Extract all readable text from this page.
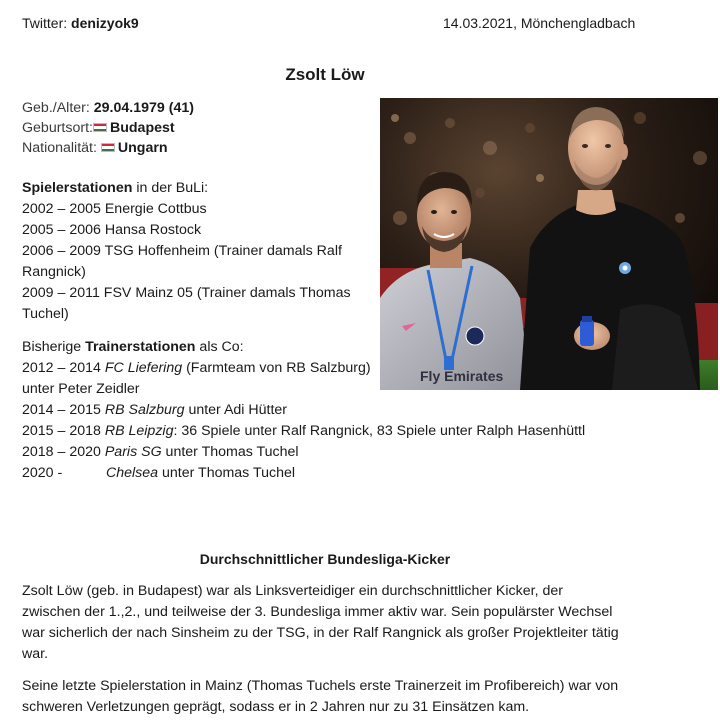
Twitter: denizyok9	14.03.2021, Mönchengladbach
Zsolt Löw
Geb./Alter: 29.04.1979 (41)
Geburtsort: Budapest
Nationalität: Ungarn
Spielerstationen in der BuLi:
2002 – 2005 Energie Cottbus
2005 – 2006 Hansa Rostock
2006 – 2009 TSG Hoffenheim (Trainer damals Ralf Rangnick)
2009 – 2011 FSV Mainz 05 (Trainer damals Thomas Tuchel)
Bisherige Trainerstationen als Co:
2012 – 2014 FC Liefering (Farmteam von RB Salzburg) unter Peter Zeidler
2014 – 2015 RB Salzburg unter Adi Hütter
2015 – 2018 RB Leipzig: 36 Spiele unter Ralf Rangnick, 83 Spiele unter Ralph Hasenhüttl
2018 – 2020 Paris SG unter Thomas Tuchel
2020 -	Chelsea unter Thomas Tuchel
Fly Emirates
Durchschnittlicher Bundesliga-Kicker
Zsolt Löw (geb. in Budapest) war als Linksverteidiger ein durchschnittlicher Kicker, der zwischen der 1.,2., und teilweise der 3. Bundesliga immer aktiv war. Sein populärster Wechsel war sicherlich der nach Sinsheim zu der TSG, in der Ralf Rangnick als großer Projektleiter tätig war.
Seine letzte Spielerstation in Mainz (Thomas Tuchels erste Trainerzeit im Profibereich) war von schweren Verletzungen geprägt, sodass er in 2 Jahren nur zu 31 Einsätzen kam.
